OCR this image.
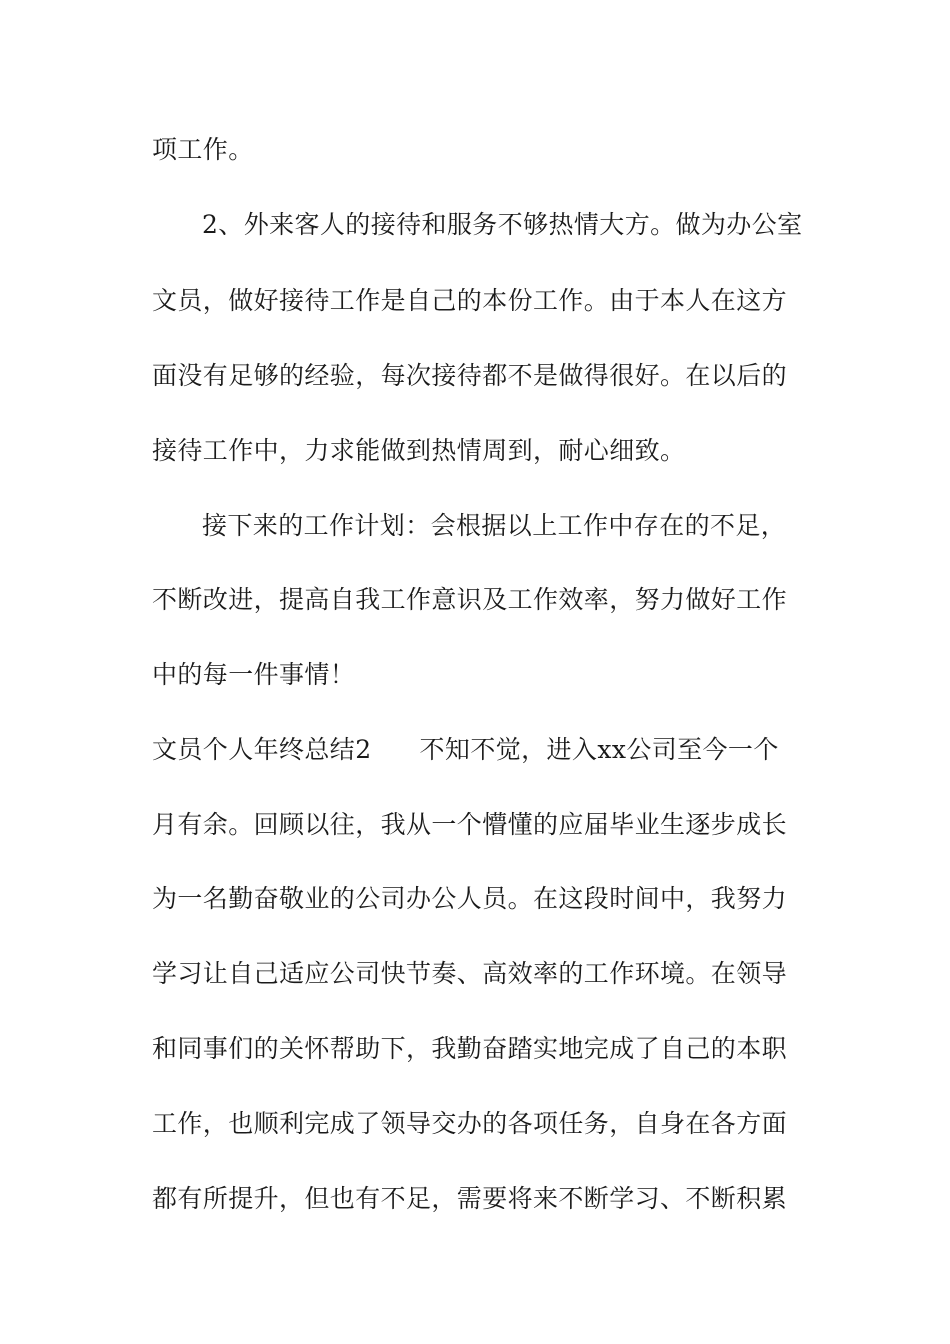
项工作。
2、外来客人的接待和服务不够热情大方。做为办公室
文员，做好接待工作是自己的本份工作。由于本人在这方
面没有足够的经验，每次接待都不是做得很好。在以后的
接待工作中，力求能做到热情周到，耐心细致。
接下来的工作计划：会根据以上工作中存在的不足，
不断改进，提高自我工作意识及工作效率，努力做好工作
中的每一件事情！
文员个人年终总结2 不知不觉，进入xx公司至今一个
月有余。回顾以往，我从一个懵懂的应届毕业生逐步成长
为一名勤奋敬业的公司办公人员。在这段时间中，我努力
学习让自己适应公司快节奏、高效率的工作环境。在领导
和同事们的关怀帮助下，我勤奋踏实地完成了自己的本职
工作，也顺利完成了领导交办的各项任务，自身在各方面
都有所提升，但也有不足，需要将来不断学习、不断积累
